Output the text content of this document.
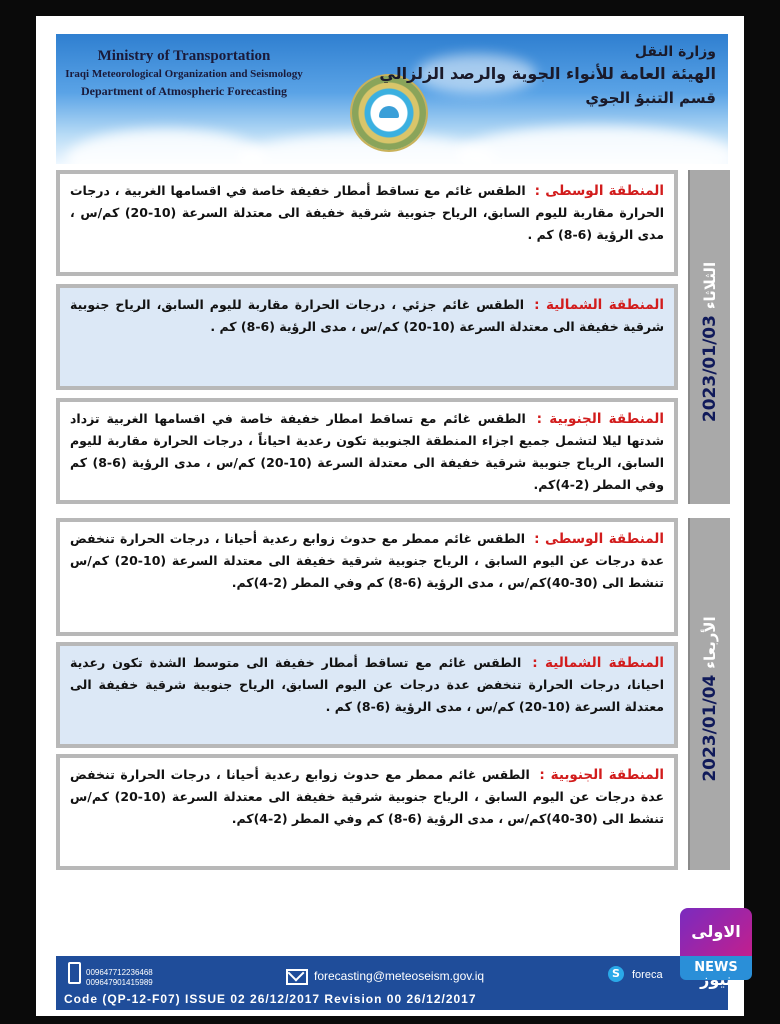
Ministry of Transportation
Iraqi Meteorological Organization and Seismology
Department of Atmospheric Forecasting
وزارة النقل
الهيئة العامة للأنواء الجوية والرصد الزلزالي
قسم التنبؤ الجوي
المنطقة الوسطى : الطقس غائم مع تساقط أمطار خفيفة خاصة في اقسامها الغربية ، درجات الحرارة مقاربة لليوم السابق، الرياح جنوبية شرقية خفيفة الى معتدلة السرعة (10-20) كم/س ، مدى الرؤية (6-8) كم .
المنطقة الشمالية : الطقس غائم جزئي ، درجات الحرارة مقاربة لليوم السابق، الرياح جنوبية شرقية خفيفة الى معتدلة السرعة (10-20) كم/س ، مدى الرؤية (6-8) كم .
المنطقة الجنوبية : الطقس غائم مع تساقط امطار خفيفة خاصة في اقسامها الغربية تزداد شدتها ليلا لتشمل جميع اجزاء المنطقة الجنوبية تكون رعدية احياناً ، درجات الحرارة مقاربة لليوم السابق، الرياح جنوبية شرقية خفيفة الى معتدلة السرعة (10-20) كم/س ، مدى الرؤية (6-8) كم وفي المطر (2-4)كم.
الثلاثاء 2023/01/03
المنطقة الوسطى : الطقس غائم ممطر مع حدوث زوابع رعدية أحيانا ، درجات الحرارة تنخفض عدة درجات عن اليوم السابق ، الرياح جنوبية شرقية خفيفة الى معتدلة السرعة (10-20) كم/س تنشط الى (30-40)كم/س ، مدى الرؤية (6-8) كم وفي المطر (2-4)كم.
المنطقة الشمالية : الطقس غائم مع تساقط أمطار خفيفة الى متوسط الشدة تكون رعدية احيانا، درجات الحرارة تنخفض عدة درجات عن اليوم السابق، الرياح جنوبية شرقية خفيفة الى معتدلة السرعة (10-20) كم/س ، مدى الرؤية (6-8) كم .
المنطقة الجنوبية : الطقس غائم ممطر مع حدوث زوابع رعدية أحيانا ، درجات الحرارة تنخفض عدة درجات عن اليوم السابق ، الرياح جنوبية شرقية خفيفة الى معتدلة السرعة (10-20) كم/س تنشط الى (30-40)كم/س ، مدى الرؤية (6-8) كم وفي المطر (2-4)كم.
الأربعاء 2023/01/04
009647712236468
009647901415989	forecasting@meteoseism.gov.iq	S	foreca
Code (QP-12-F07) ISSUE 02 26/12/2017 Revision 00 26/12/2017
الاولى
NEWS
